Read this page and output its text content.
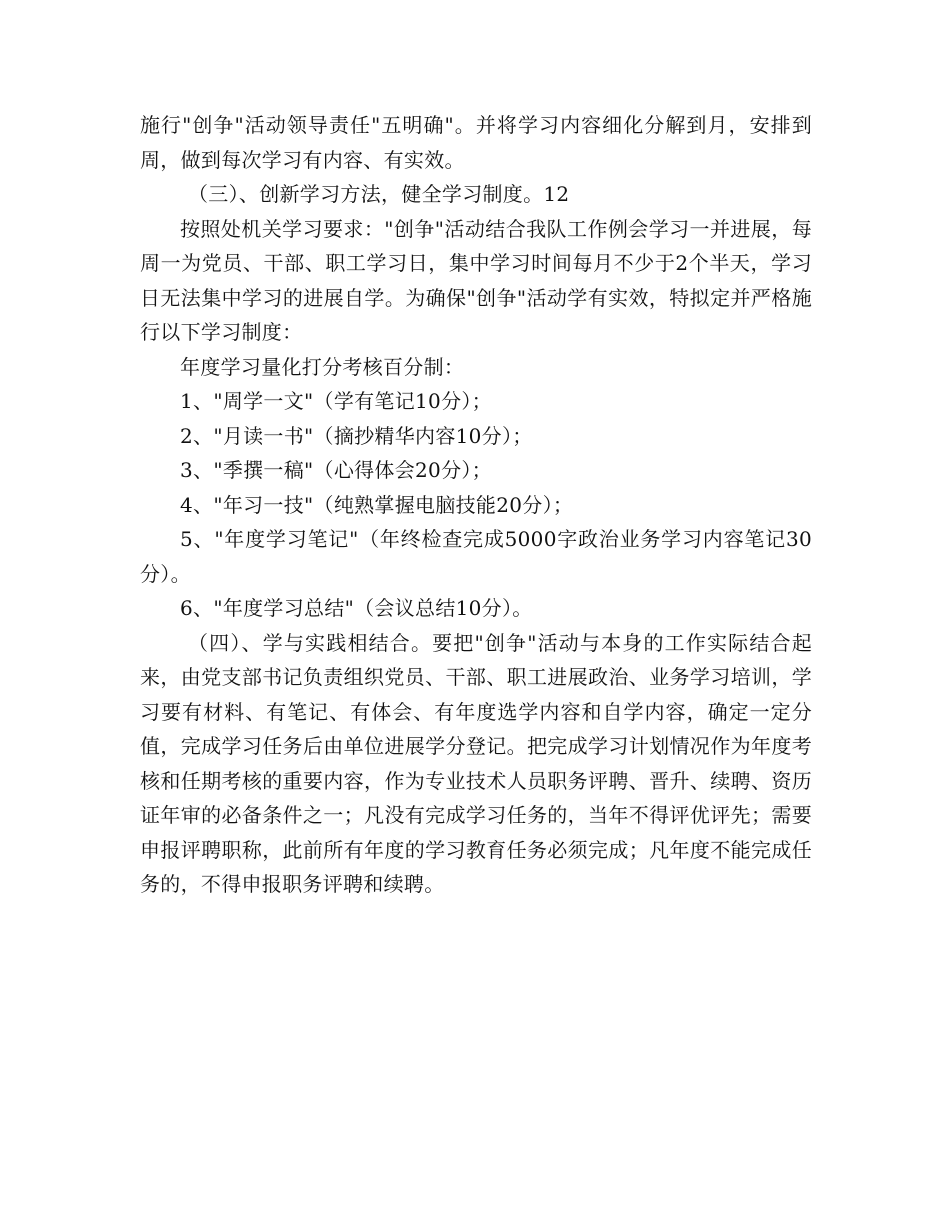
施行"创争"活动领导责任"五明确"。并将学习内容细化分解到月，安排到周，做到每次学习有内容、有实效。

（三）、创新学习方法，健全学习制度。12

按照处机关学习要求："创争"活动结合我队工作例会学习一并进展，每周一为党员、干部、职工学习日，集中学习时间每月不少于2个半天，学习日无法集中学习的进展自学。为确保"创争"活动学有实效，特拟定并严格施行以下学习制度：

年度学习量化打分考核百分制：

1、"周学一文"（学有笔记10分）；

2、"月读一书"（摘抄精华内容10分）；

3、"季撰一稿"（心得体会20分）；

4、"年习一技"（纯熟掌握电脑技能20分）；

5、"年度学习笔记"（年终检查完成5000字政治业务学习内容笔记30分）。

6、"年度学习总结"（会议总结10分）。

（四）、学与实践相结合。要把"创争"活动与本身的工作实际结合起来，由党支部书记负责组织党员、干部、职工进展政治、业务学习培训，学习要有材料、有笔记、有体会、有年度选学内容和自学内容，确定一定分值，完成学习任务后由单位进展学分登记。把完成学习计划情况作为年度考核和任期考核的重要内容，作为专业技术人员职务评聘、晋升、续聘、资历证年审的必备条件之一；凡没有完成学习任务的，当年不得评优评先；需要申报评聘职称，此前所有年度的学习教育任务必须完成；凡年度不能完成任务的，不得申报职务评聘和续聘。
